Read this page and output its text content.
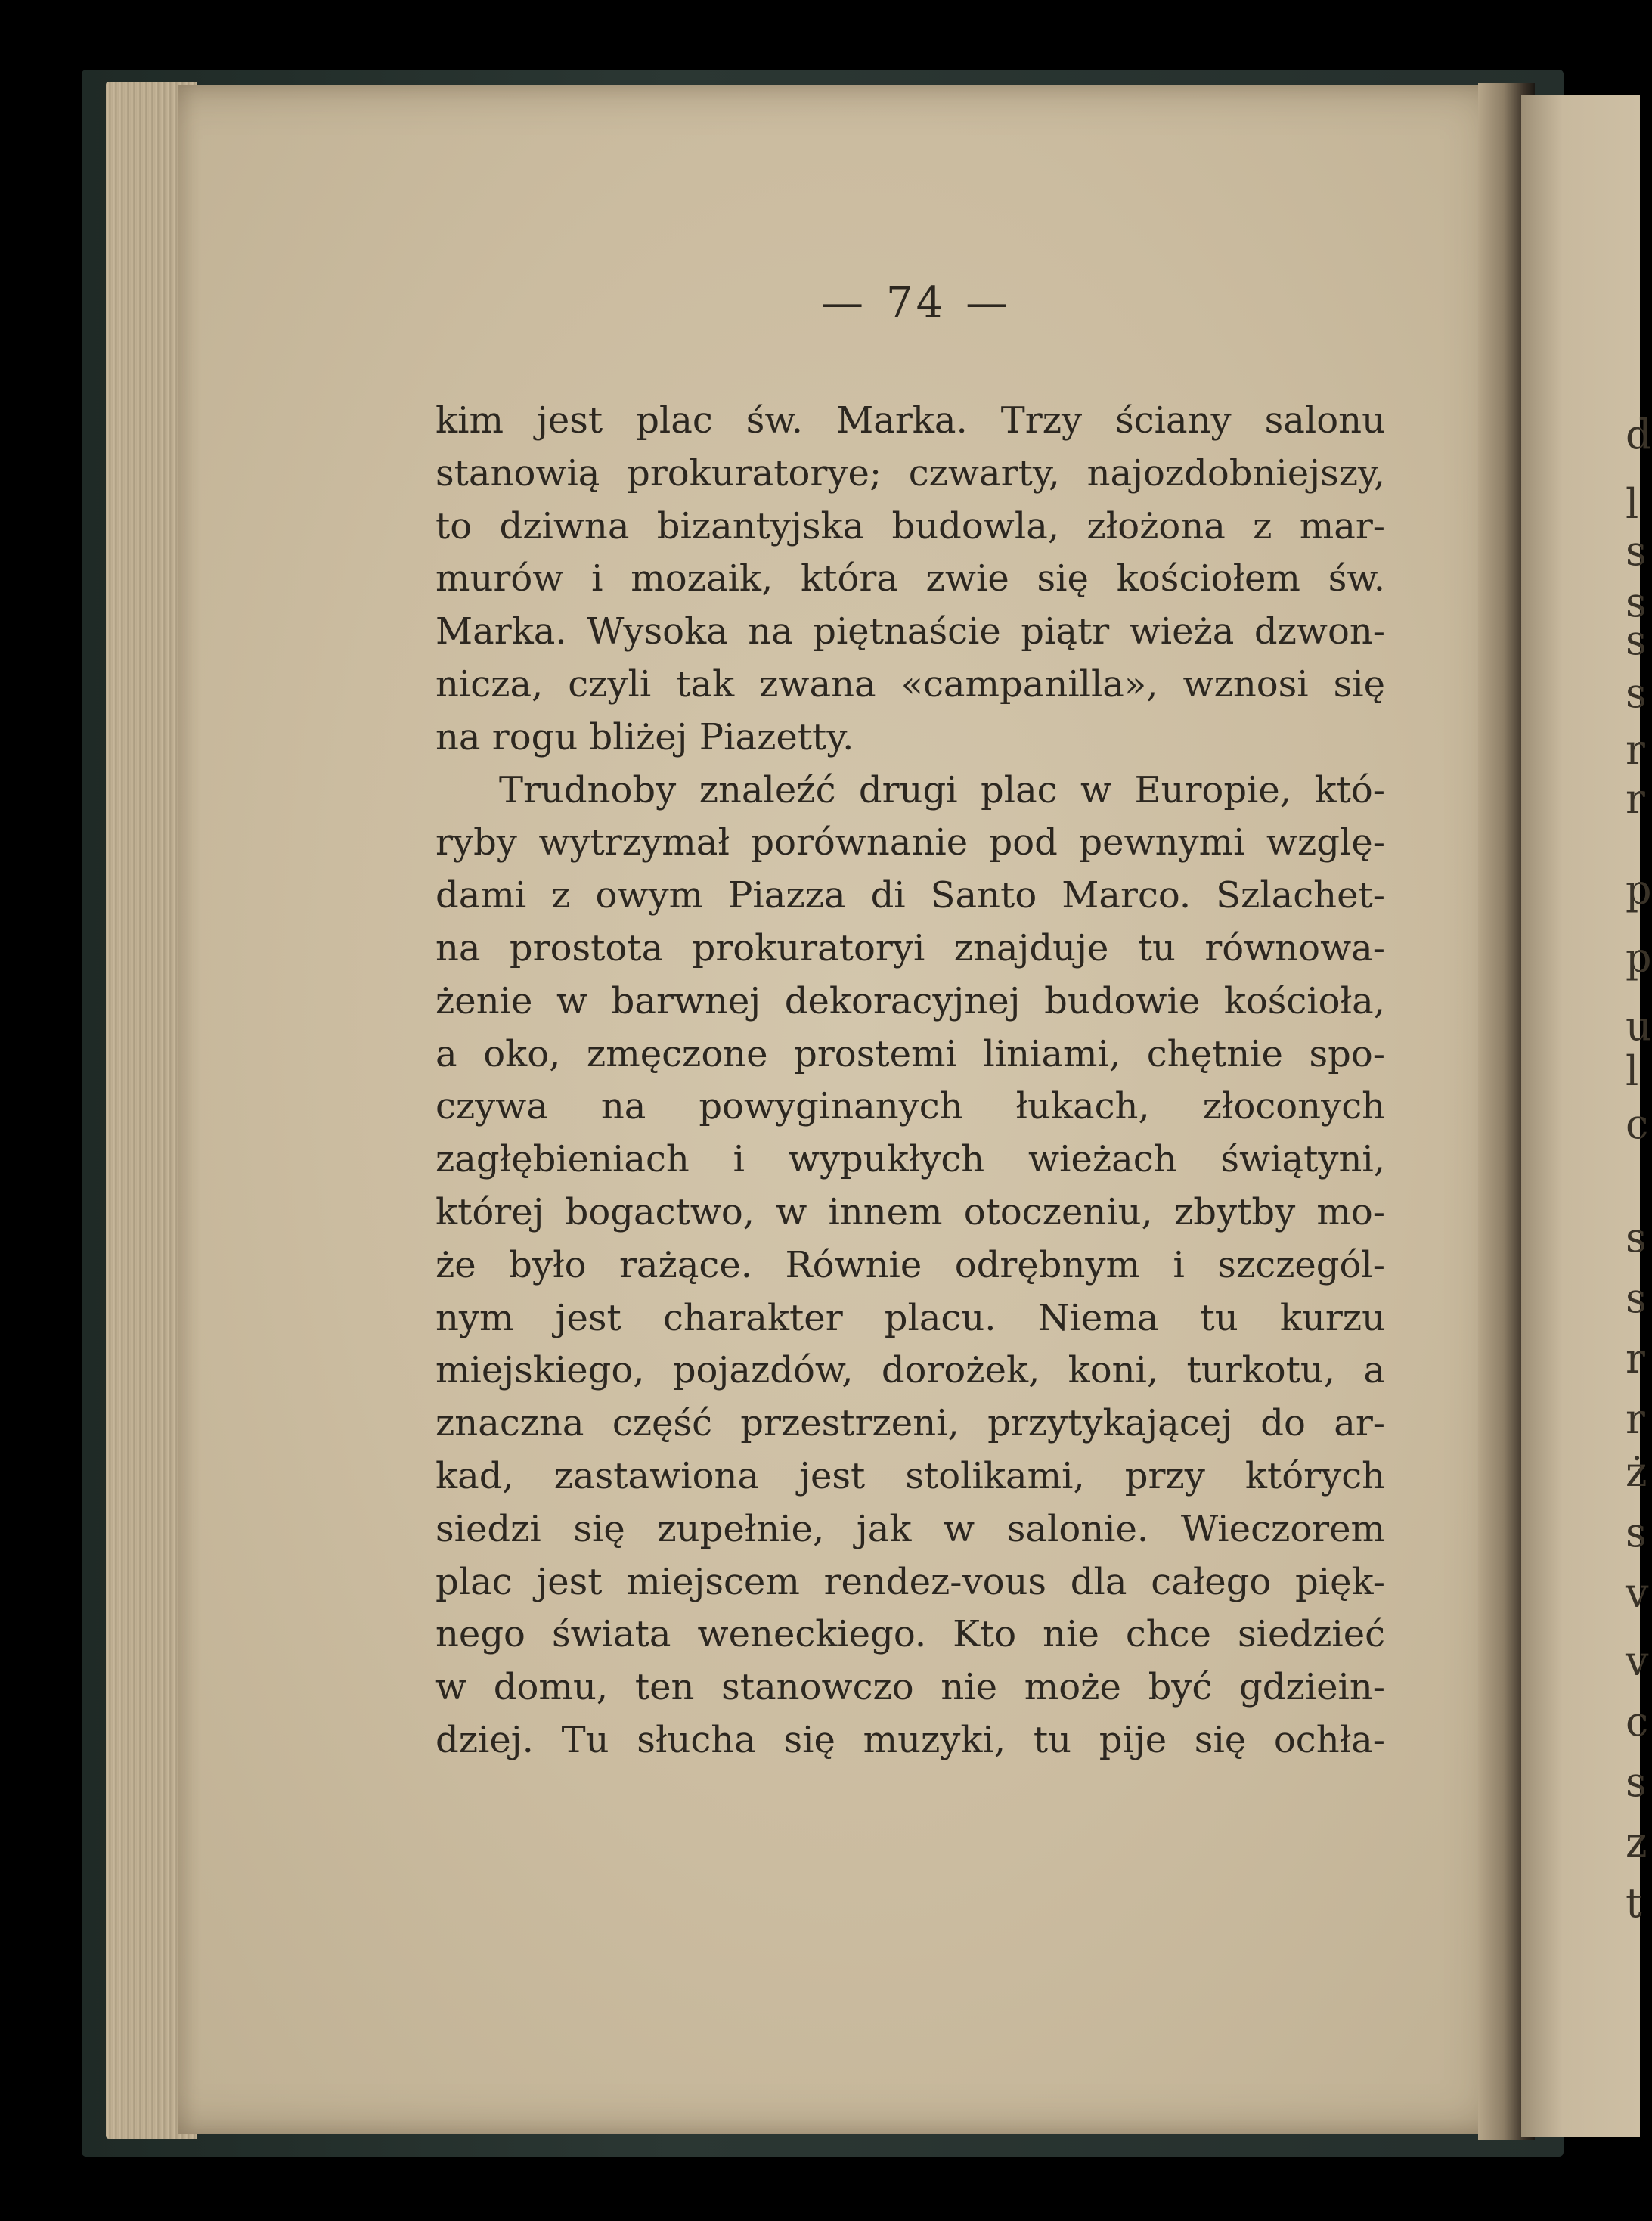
— 74 —
kim jest plac św. Marka. Trzy ściany salonu
stanowią prokuratorye; czwarty, najozdobniejszy,
to dziwna bizantyjska budowla, złożona z mar-
murów i mozaik, która zwie się kościołem św.
Marka. Wysoka na piętnaście piątr wieża dzwon-
nicza, czyli tak zwana «campanilla», wznosi się
na rogu bliżej Piazetty.
Trudnoby znaleźć drugi plac w Europie, któ-
ryby wytrzymał porównanie pod pewnymi wzglę-
dami z owym Piazza di Santo Marco. Szlachet-
na prostota prokuratoryi znajduje tu równowa-
żenie w barwnej dekoracyjnej budowie kościoła,
a oko, zmęczone prostemi liniami, chętnie spo-
czywa na powyginanych łukach, złoconych
zagłębieniach i wypukłych wieżach świątyni,
której bogactwo, w innem otoczeniu, zbytby mo-
że było rażące. Równie odrębnym i szczegól-
nym jest charakter placu. Niema tu kurzu
miejskiego, pojazdów, dorożek, koni, turkotu, a
znaczna część przestrzeni, przytykającej do ar-
kad, zastawiona jest stolikami, przy których
siedzi się zupełnie, jak w salonie. Wieczorem
plac jest miejscem rendez-vous dla całego pięk-
nego świata weneckiego. Kto nie chce siedzieć
w domu, ten stanowczo nie może być gdziein-
dziej. Tu słucha się muzyki, tu pije się ochła-
d
l
s
s
s
s
r
r
p
p
u
l
c
s
s
r
r
ż
s
v
v
c
s
z
t
